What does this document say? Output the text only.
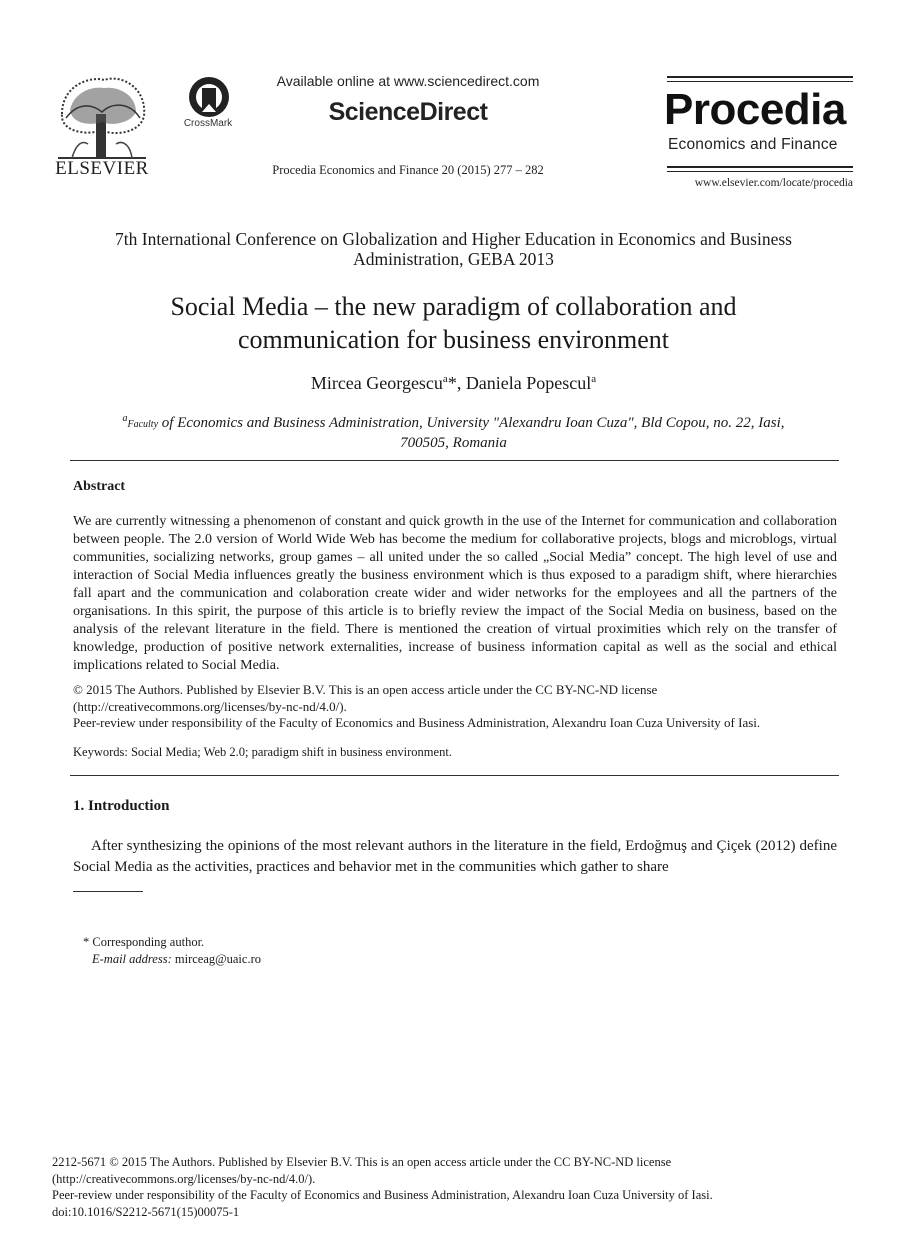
ELSEVIER
CrossMark
Available online at www.sciencedirect.com
ScienceDirect
Procedia Economics and Finance 20 (2015) 277 – 282
Procedia
Economics and Finance
www.elsevier.com/locate/procedia
7th International Conference on Globalization and Higher Education in Economics and Business
Administration, GEBA 2013
Social Media – the new paradigm of collaboration and
communication for business environment
Mircea Georgescu$^a$*, Daniela Popescul$^a$
$^a$Faculty of Economics and Business Administration, University "Alexandru Ioan Cuza", Bld Copou, no. 22, Iasi,
700505, Romania
Abstract
We are currently witnessing a phenomenon of constant and quick growth in the use of the Internet for communication and collaboration between people. The 2.0 version of World Wide Web has become the medium for collaborative projects, blogs and microblogs, virtual communities, socializing networks, group games – all united under the so called „Social Media” concept. The high level of use and interaction of Social Media influences greatly the business environment which is thus exposed to a paradigm shift, where hierarchies fall apart and the communication and colaboration create wider and wider networks for the employees and all the partners of the organisations. In this spirit, the purpose of this article is to briefly review the impact of the Social Media on business, based on the analysis of the relevant literature in the field. There is mentioned the creation of virtual proximities which rely on the transfer of knowledge, production of positive network externalities, increase of business information capital as well as the social and ethical implications related to Social Media.
© 2015 The Authors. Published by Elsevier B.V. This is an open access article under the CC BY-NC-ND license
(http://creativecommons.org/licenses/by-nc-nd/4.0/).
Peer-review under responsibility of the Faculty of Economics and Business Administration, Alexandru Ioan Cuza University of Iasi.
Keywords: Social Media; Web 2.0; paradigm shift in business environment.
1. Introduction
After synthesizing the opinions of the most relevant authors in the literature in the field, Erdoğmuş and Çiçek (2012) define Social Media as the activities, practices and behavior met in the communities which gather to share
* Corresponding author.
E-mail address: mirceag@uaic.ro
2212-5671 © 2015 The Authors. Published by Elsevier B.V. This is an open access article under the CC BY-NC-ND license
(http://creativecommons.org/licenses/by-nc-nd/4.0/).
Peer-review under responsibility of the Faculty of Economics and Business Administration, Alexandru Ioan Cuza University of Iasi.
doi:10.1016/S2212-5671(15)00075-1
